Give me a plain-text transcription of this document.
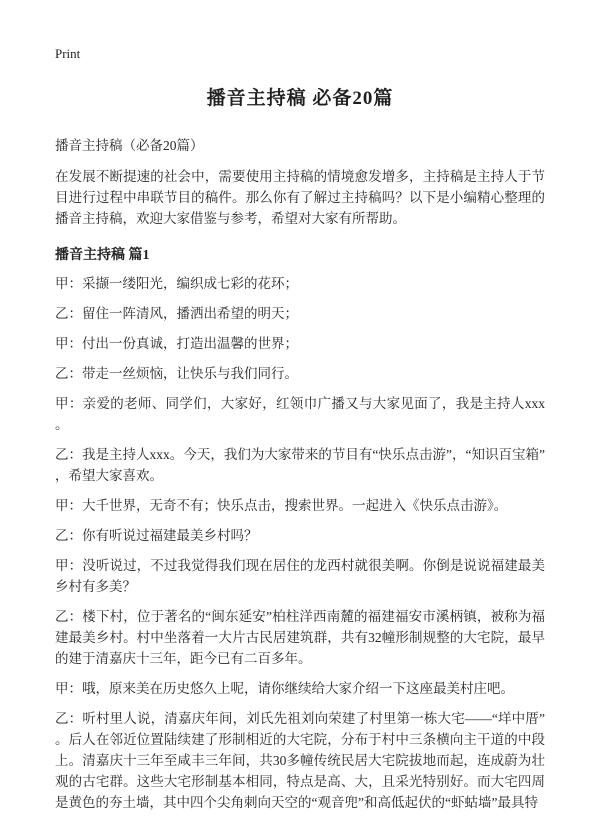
Print
播音主持稿 必备20篇

播音主持稿（必备20篇）

在发展不断提速的社会中，需要使用主持稿的情境愈发增多，主持稿是主持人于节目进行过程中串联节目的稿件。那么你有了解过主持稿吗？以下是小编精心整理的播音主持稿，欢迎大家借鉴与参考，希望对大家有所帮助。

播音主持稿 篇1

甲：采撷一缕阳光，编织成七彩的花环；

乙：留住一阵清风，播洒出希望的明天；

甲：付出一份真诚，打造出温馨的世界；

乙：带走一丝烦恼，让快乐与我们同行。

甲：亲爱的老师、同学们，大家好，红领巾广播又与大家见面了，我是主持人xxx。

乙：我是主持人xxx。今天，我们为大家带来的节目有“快乐点击游”，“知识百宝箱”，希望大家喜欢。

甲：大千世界，无奇不有；快乐点击，搜索世界。一起进入《快乐点击游》。

乙：你有听说过福建最美乡村吗？

甲：没听说过，不过我觉得我们现在居住的龙西村就很美啊。你倒是说说福建最美乡村有多美？

乙：楼下村，位于著名的“闽东延安”柏柱洋西南麓的福建福安市溪柄镇，被称为福建最美乡村。村中坐落着一大片古民居建筑群，共有32幢形制规整的大宅院，最早的建于清嘉庆十三年，距今已有二百多年。

甲：哦，原来美在历史悠久上呢，请你继续给大家介绍一下这座最美村庄吧。

乙：听村里人说，清嘉庆年间，刘氏先祖刘向荣建了村里第一栋大宅——“垟中厝”。后人在邻近位置陆续建了形制相近的大宅院，分布于村中三条横向主干道的中段上。清嘉庆十三年至咸丰三年间，共30多幢传统民居大宅院拔地而起，连成蔚为壮观的古宅群。这些大宅形制基本相同，特点是高、大，且采光特别好。而大宅四周是黄色的夯土墙，其中四个尖角刺向天空的“观音兜”和高低起伏的“虾蛄墙”最具特
